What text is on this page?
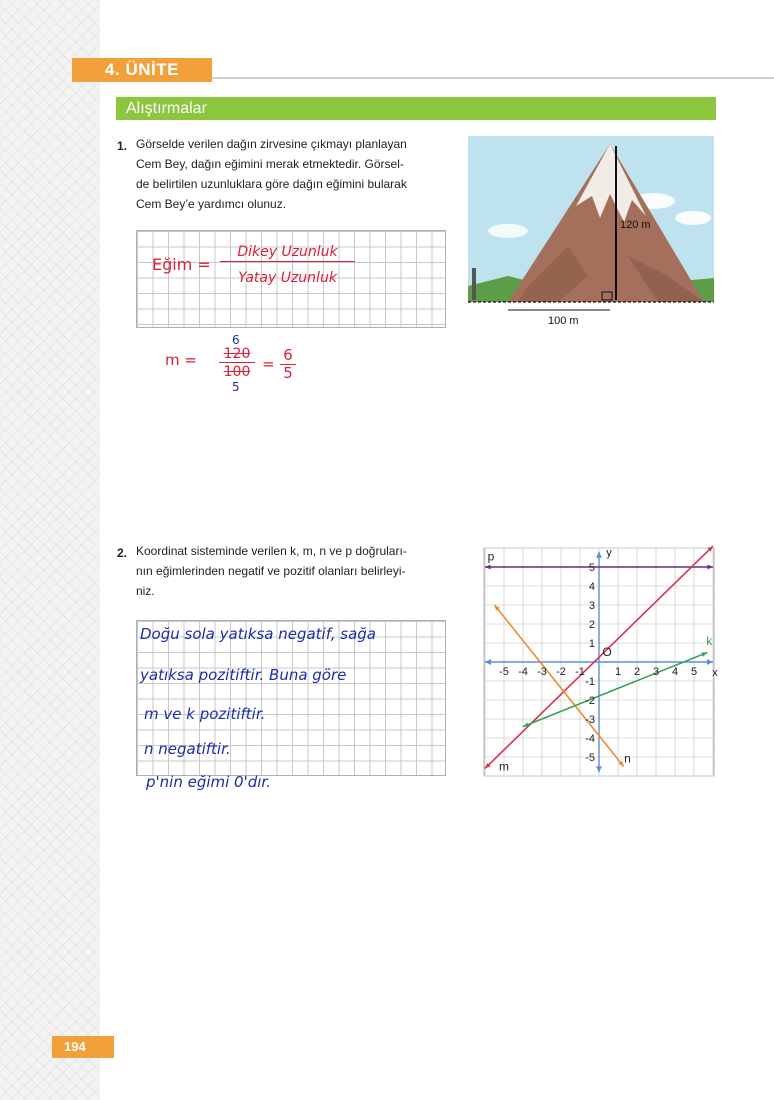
4. ÜNİTE
Alıştırmalar
1. Görselde verilen dağın zirvesine çıkmayı planlayan
Cem Bey, dağın eğimini merak etmektedir. Görsel-
de belirtilen uzunluklara göre dağın eğimini bularak
Cem Bey’e yardımcı olunuz.
120 m
100 m
Eğim =
Dikey Uzunluk
Yatay Uzunluk
m =
6
120
100
5
= 6
5
2. Koordinat sisteminde verilen k, m, n ve p doğruları-
nın eğimlerinden negatif ve pozitif olanları belirleyi-
niz.
Doğu sola yatıksa negatif, sağa
yatıksa pozitiftir. Buna göre
m ve k pozitiftir.
n negatiftir.
p'nin eğimi 0'dır.
-5 -4 -3 -2 -1	1 2 3 4 5
5
4
3
2
1
-1
-2
-3
-4
-5
O
x
y
p
m
n
k
194
